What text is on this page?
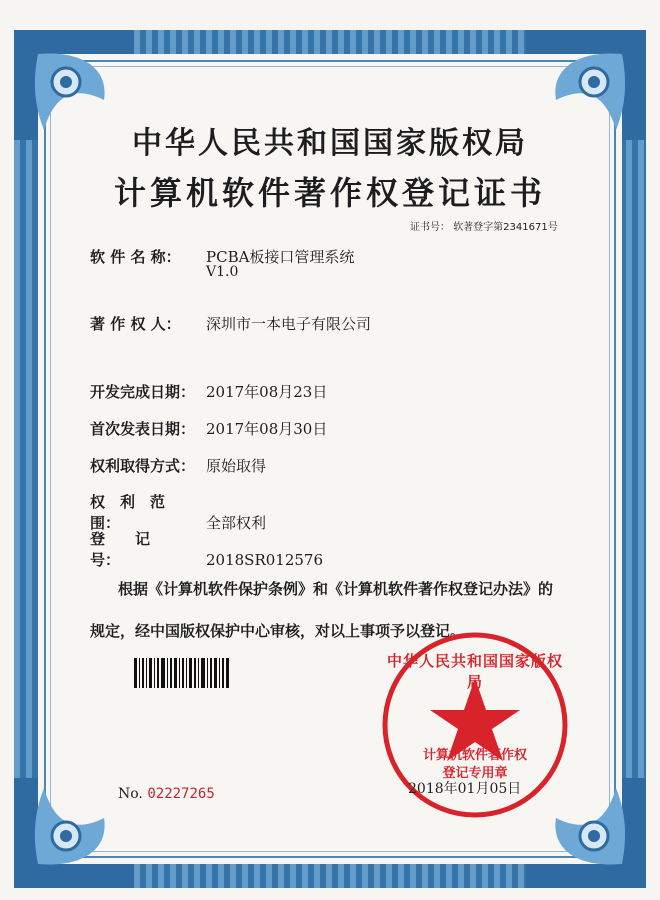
中华人民共和国国家版权局
计算机软件著作权登记证书
证书号： 软著登字第2341671号
软 件 名 称： PCBA板接口管理系统
V1.0
著 作 权 人： 深圳市一本电子有限公司
开发完成日期： 2017年08月23日
首次发表日期： 2017年08月30日
权利取得方式： 原始取得
权　利　范　围：	全部权利
登　　记　　号：	2018SR012576
根据《计算机软件保护条例》和《计算机软件著作权登记办法》的
规定，经中国版权保护中心审核，对以上事项予以登记。
中华人民共和国国家版权局
计算机软件著作权
登记专用章
No. 02227265	2018年01月05日
